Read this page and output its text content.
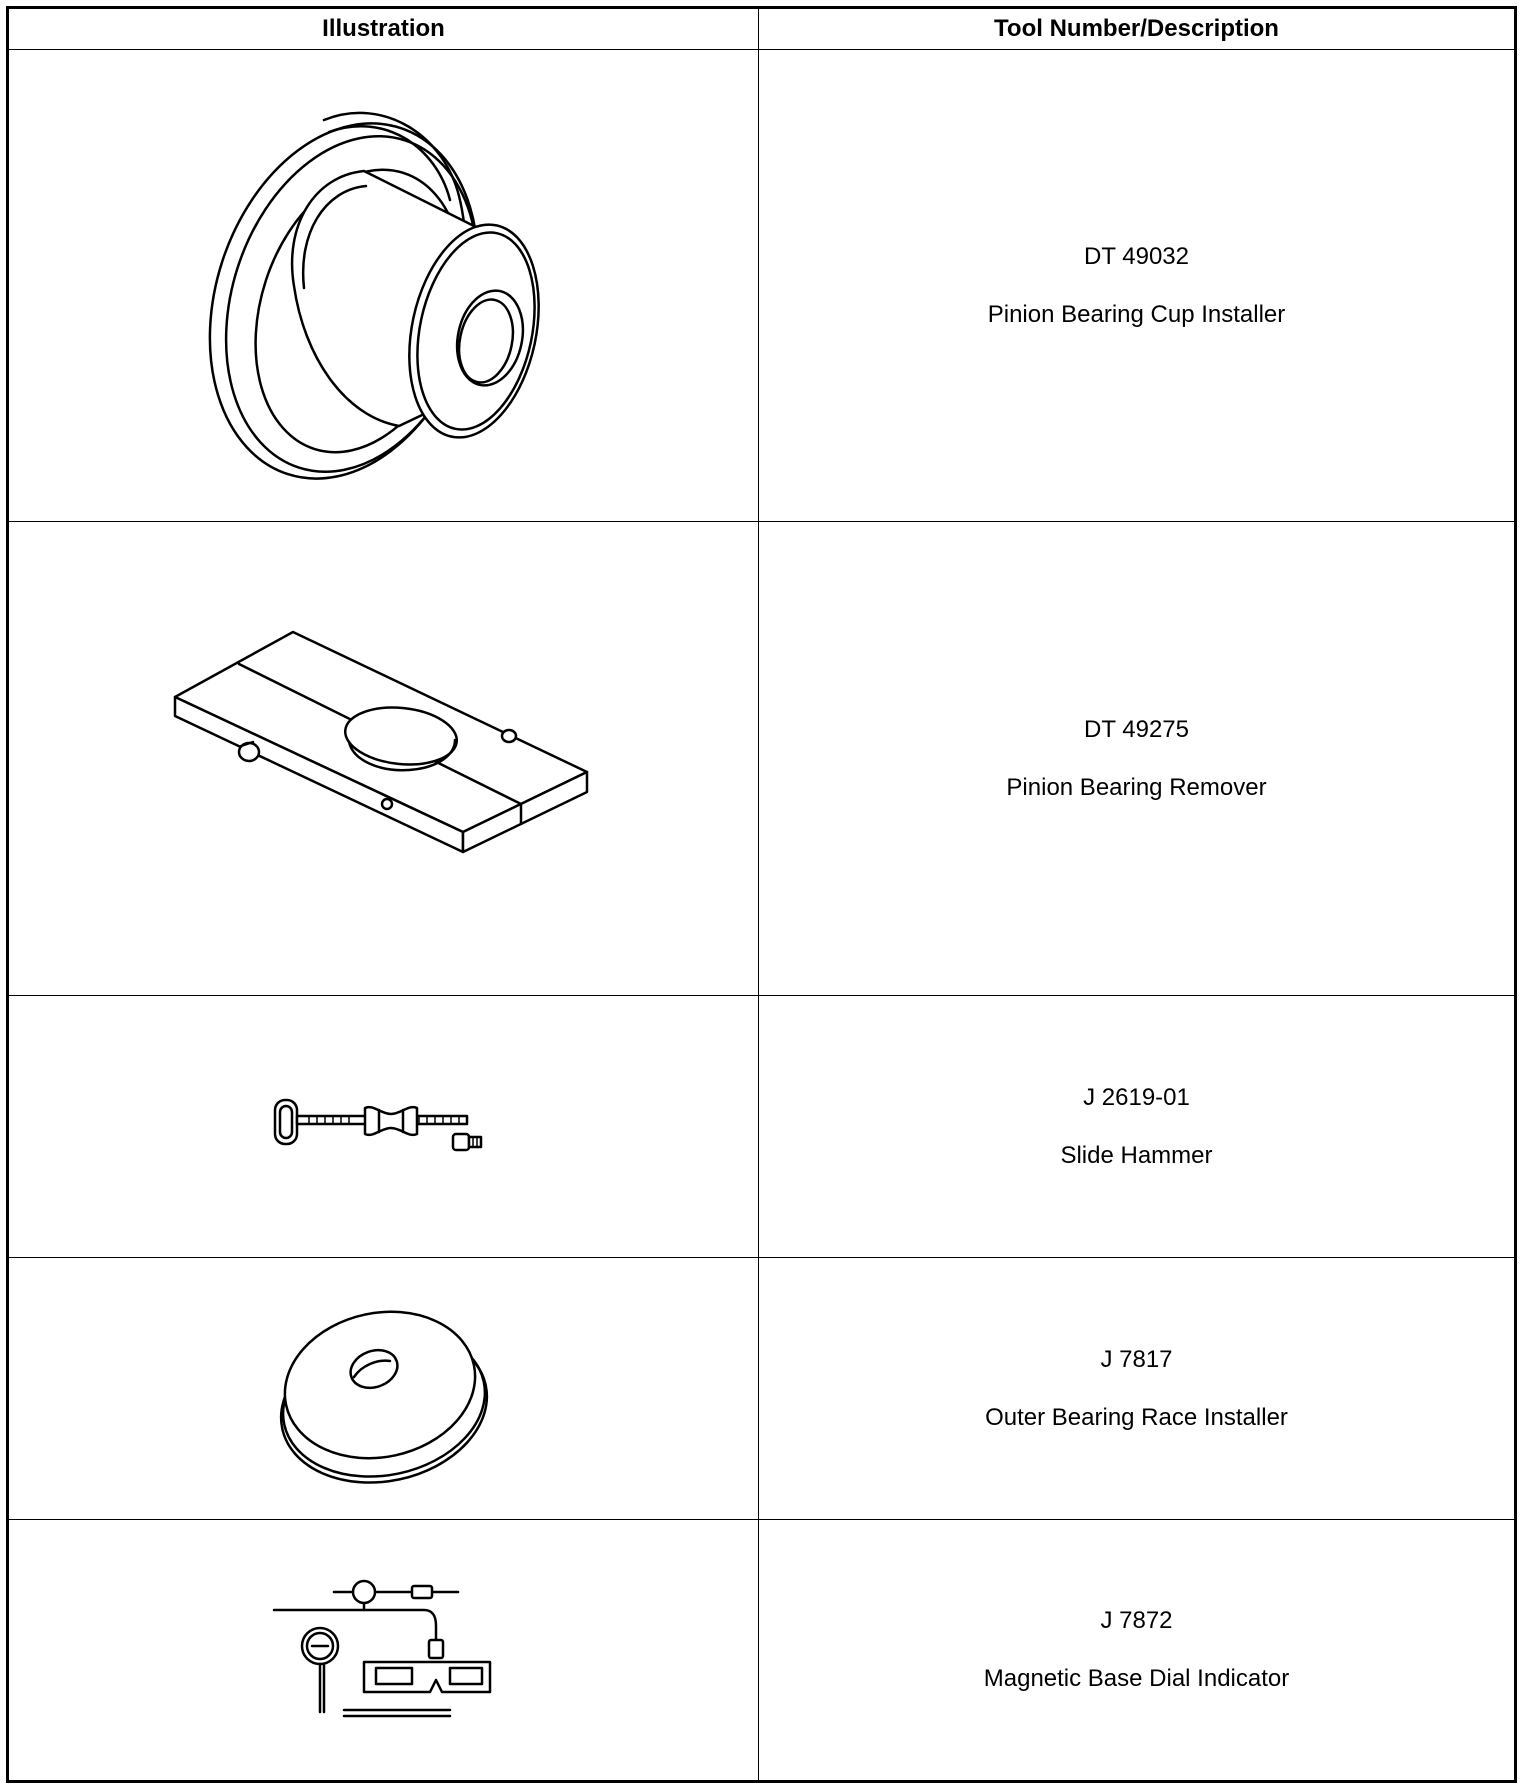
Illustration	Tool Number/Description

DT 49032
Pinion Bearing Cup Installer

DT 49275
Pinion Bearing Remover

J 2619-01
Slide Hammer

J 7817
Outer Bearing Race Installer

J 7872
Magnetic Base Dial Indicator
